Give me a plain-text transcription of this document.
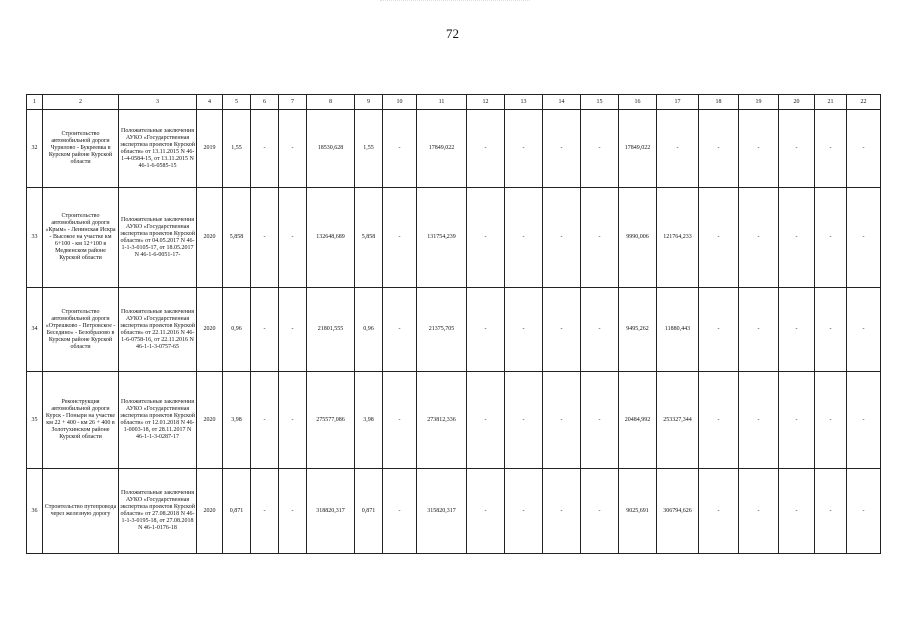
72
1	2	3	4	5	6	7	8	9	10	11	12	13	14	15	16	17	18	19	20	21	22
32	Строительство автомобильной дороги Чурилово - Букреевка в Курском районе Курской области	Положительные заключения АУКО «Государственная экспертиза проектов Курской области» от 13.11.2015 N 46-1-4-0584-15, от 13.11.2015 N 46-1-6-0585-15	2019	1,55	-	-	18530,628	1,55	-	17849,022	-	-	-	-	17849,022	-	-	-	-	-	-
33	Строительство автомобильной дороги «Крым» - Ленинская Искра - Высокое на участке км 6+100 - км 12+100 в Медвенском районе Курской области	Положительные заключения АУКО «Государственная экспертиза проектов Курской области» от 04.05.2017 N 46-1-1-3-0105-17, от 18.05.2017 N 46-1-6-0051-17-	2020	5,858	-	-	132648,689	5,858	-	131754,239	-	-	-	-	9990,006	121764,233	-	-	-	-	-
34	Строительство автомобильной дороги «Отрешково - Петровское - Беседино» - Безобразово в Курском районе Курской области	Положительные заключения АУКО «Государственная экспертиза проектов Курской области» от 22.11.2016 N 46-1-6-0758-16, от 22.11.2016 N 46-1-1-3-0757-65	2020	0,96	-	-	21801,555	0,96	-	21375,705	-	-	-	-	9495,262	11880,443	-	-	-	-	-
35	Реконструкция автомобильной дороги Курск - Поныри на участке км 22 + 400 - км 26 + 400 в Золотухинском районе Курской области	Положительные заключения АУКО «Государственная экспертиза проектов Курской области» от 12.01.2018 N 46-1-0003-18, от 28.11.2017 N 46-1-1-3-0287-17	2020	3,98	-	-	275577,086	3,98	-	273812,336	-	-	-	-	20484,992	253327,344	-	-	-	-	-
36	Строительство путепровода через железную дорогу	Положительные заключения АУКО «Государственная экспертиза проектов Курской области» от 27.08.2018 N 46-1-1-3-0195-18, от 27.08.2018 N 46-1-0176-18	2020	0,871	-	-	318820,317	0,871	-	315820,317	-	-	-	-	9025,691	306794,626	-	-	-	-	-
